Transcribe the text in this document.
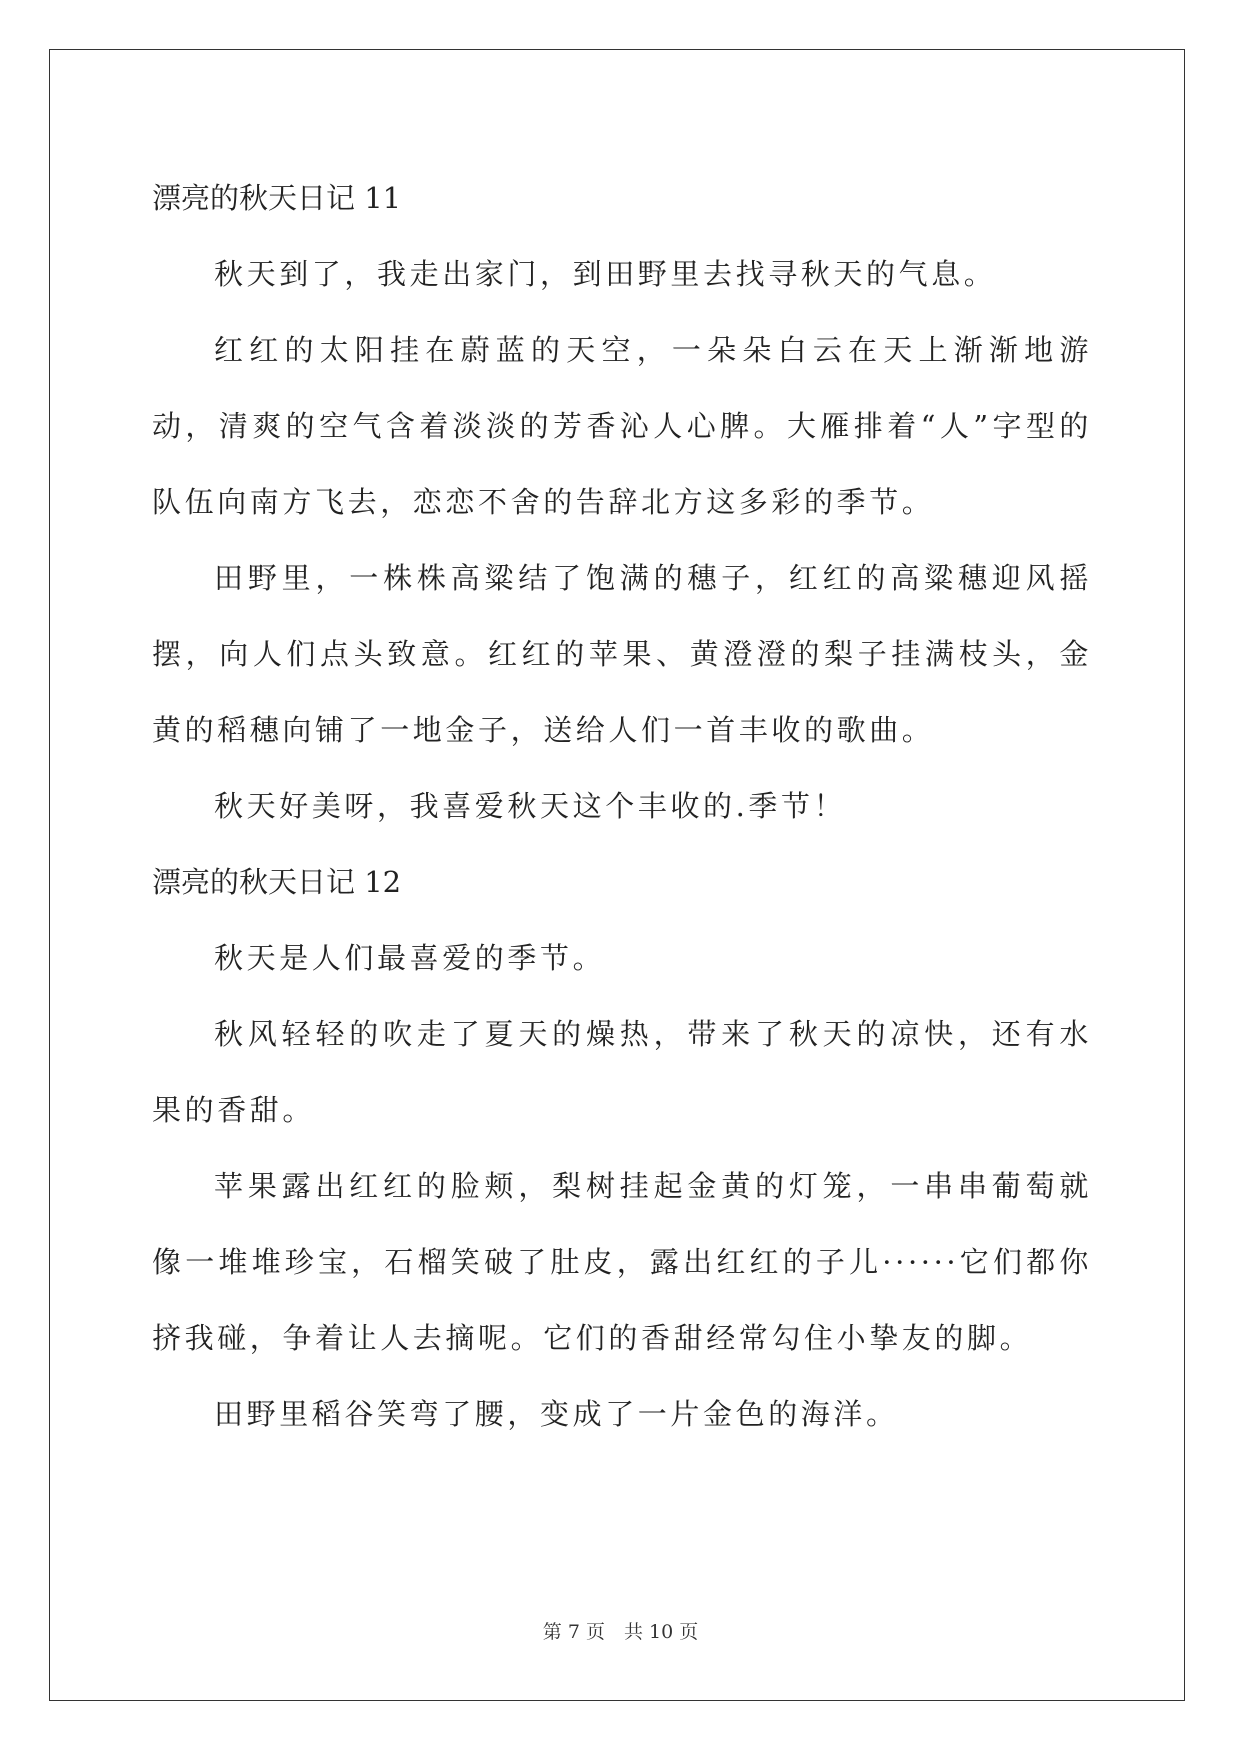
漂亮的秋天日记 11

秋天到了，我走出家门，到田野里去找寻秋天的气息。

红红的太阳挂在蔚蓝的天空，一朵朵白云在天上渐渐地游动，清爽的空气含着淡淡的芳香沁人心脾。大雁排着“人”字型的队伍向南方飞去，恋恋不舍的告辞北方这多彩的季节。

田野里，一株株高粱结了饱满的穗子，红红的高粱穗迎风摇摆，向人们点头致意。红红的苹果、黄澄澄的梨子挂满枝头，金黄的稻穗向铺了一地金子，送给人们一首丰收的歌曲。

秋天好美呀，我喜爱秋天这个丰收的.季节！

漂亮的秋天日记 12

秋天是人们最喜爱的季节。

秋风轻轻的吹走了夏天的燥热，带来了秋天的凉快，还有水果的香甜。

苹果露出红红的脸颊，梨树挂起金黄的灯笼，一串串葡萄就像一堆堆珍宝，石榴笑破了肚皮，露出红红的子儿······它们都你挤我碰，争着让人去摘呢。它们的香甜经常勾住小挚友的脚。

田野里稻谷笑弯了腰，变成了一片金色的海洋。

第 7 页　共 10 页
